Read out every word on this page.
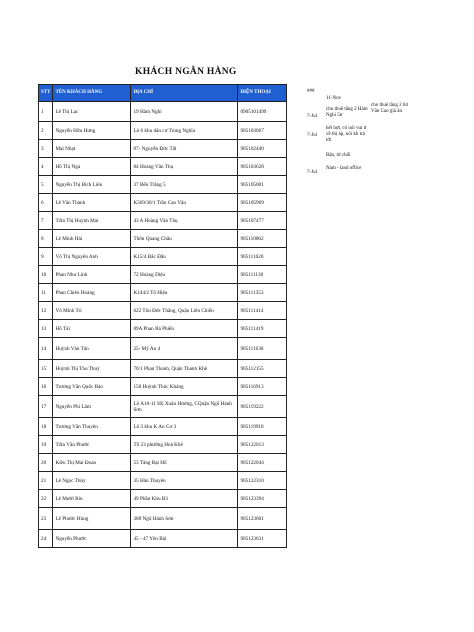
KHÁCH NGÂN HÀNG
STT	TÊN KHÁCH HÀNG	ĐỊA CHỈ	ĐIỆN THOẠI
1	Lê Thị Lạc	19 Hàm Nghi	0905101499
2	Nguyễn Hữu Hưng	Lô 6 khu dân cư Trung Nghĩa	905103067
3	Mai Nhạt	07- Nguyễn Đức Tất	905102440
4	Hồ Thị Nga	84 Hoàng Văn Thụ	905103628
5	Nguyễn Thị Bích Liên	37 Bến Trắng 5	905105001
6	Lê Văn Thành	K569/30/1 Trần Cao Vân	905105969
7	Trần Thị Huỳnh Mai	43 A Hoàng Văn Thụ	905107477
8	Lê Minh Hải	Thôn Quang Châu	905110862
9	Võ Thị Nguyên Anh	K15/4 Bắc Đẩu	905111020
10	Phan Như Linh	72 Hoàng Diệu	905111130
11	Phan Chiêu Hoàng	K144/2 Tô Hiệu	905111353
12	Võ Minh Trí	622 Tôn Đức Thắng, Quận Liên Chiểu	905111414
13	Hồ Tài	09A Phan Bá Phiến	905111419
14	Huỳnh Văn Tân	25- Mỹ An 4	905111638
15	Huỳnh Thị Thu Thuỷ	70/1 Phan Thanh, Quận Thanh Khê	905112155
16	Trương Văn Quốc Bảo	158 Huỳnh Thúc Kháng	905116913
17	Nguyễn Phi Lâm	Lô A10-11 Hồ Xuân Hương, CQuận Ngũ Hành Sơn	905119222
18	Trương Văn Thuyên	Lô 3 khu K An Cư 3	905119918
19	Trần Văn Phước	Tổ 23 phường Hoà Khê	905122013
20	Kiều Thị Mai Đoan	53 Tăng Bạt Hổ	905122044
21	Lê Ngọc Thủy	35 Hàn Thuyên	905122310
22	Lê Mười Rin	49 Phần Khu B3	905123394
23	Lê Phước Hùng	388 Ngũ Hành Sơn	905123601
24	Nguyễn Phước	45 - 47 Yên Bái	905123631
###
11-Nov
7-Jul
cho thuê tầng 2 Hàm Nghi 5tr
cho thuê tầng 2 64 Văn Cao giá ăn
7-Jul
hết hợt, có nói vui tt về thị áp, nói kh trả lời
Bận, từ chối
7-Jul
Nam - land office
